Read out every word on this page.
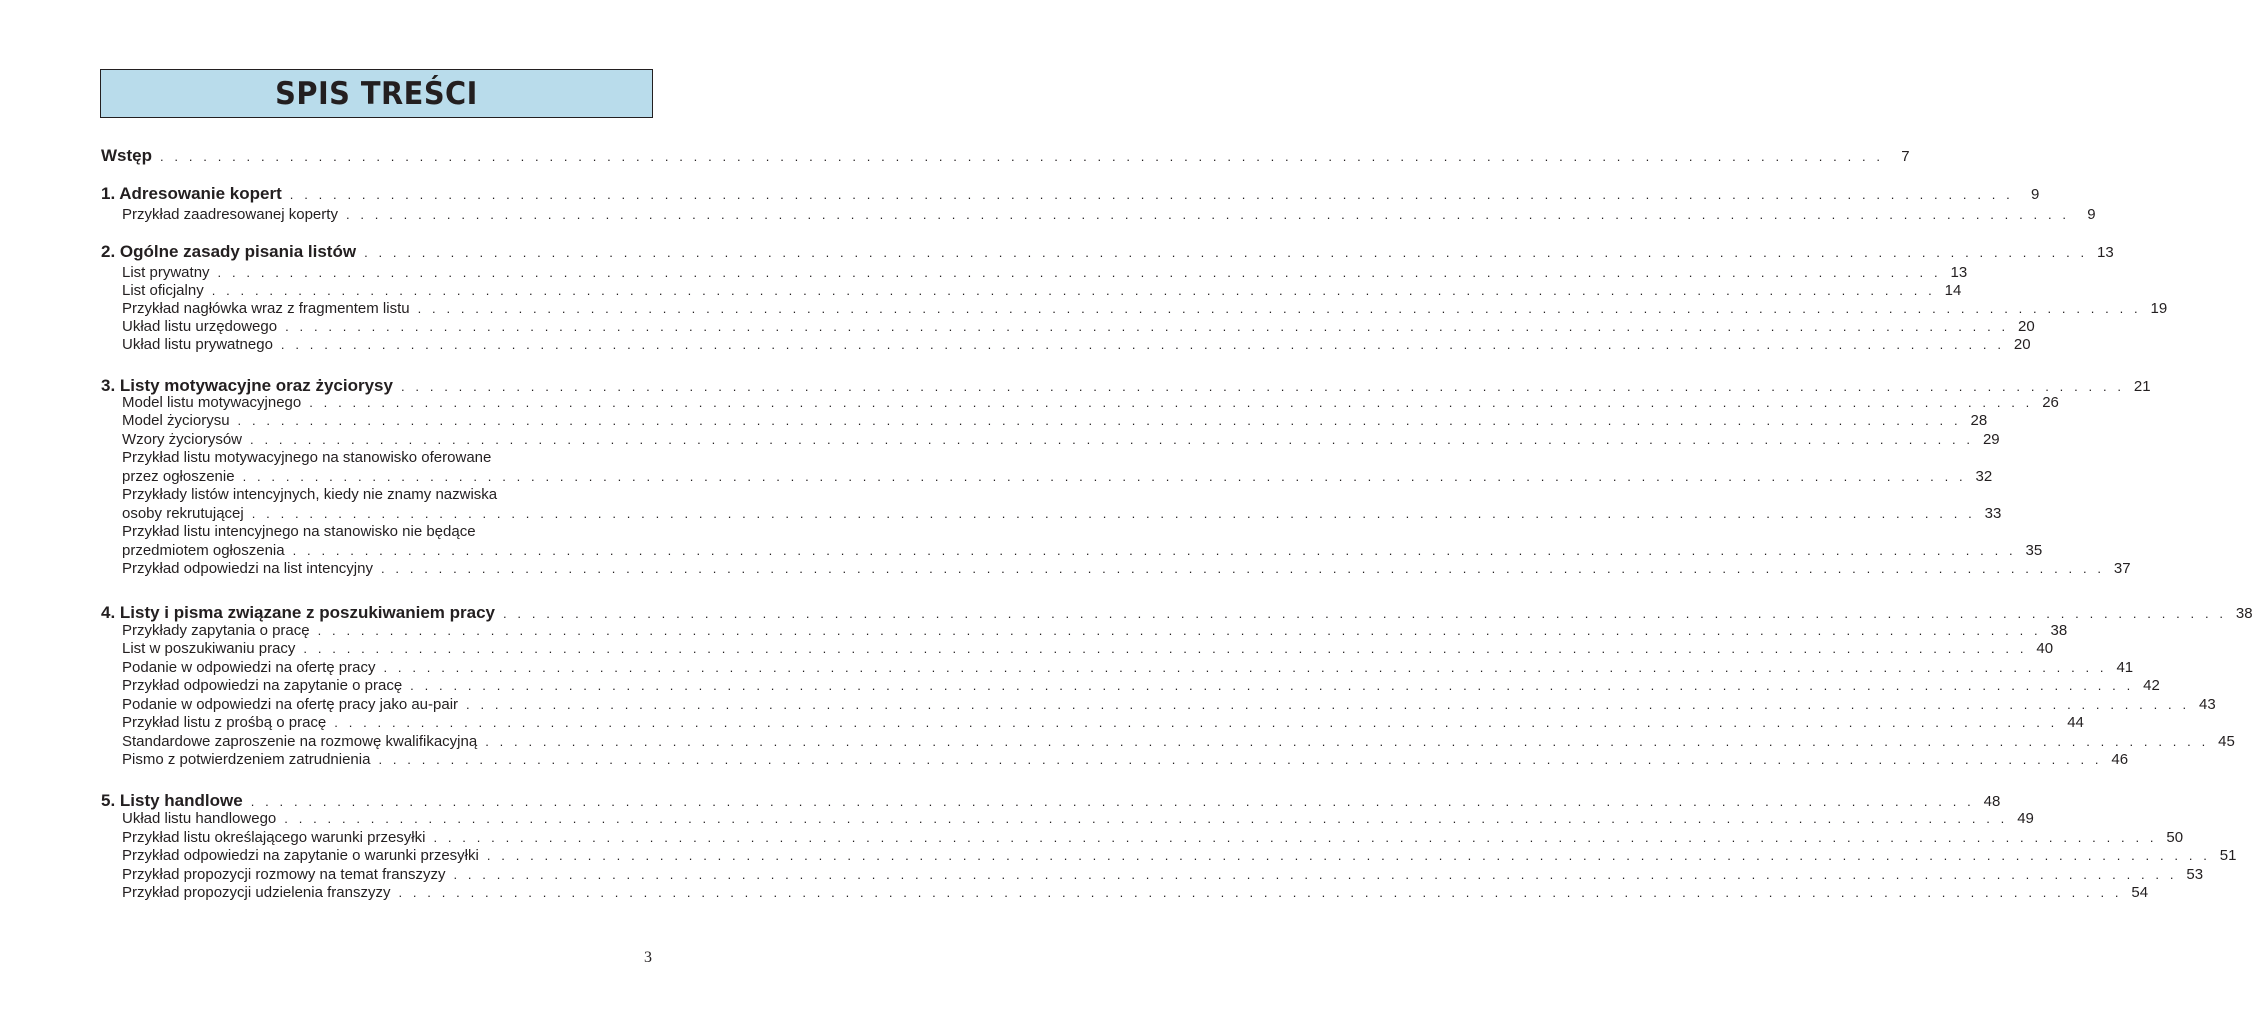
SPIS TREŚCI
Wstęp . . . . . . . . . . . . . . . . . . . . . . . . . . . . . . . . . . . . . . . . . . . . . . . . . . . . . . . . . . . . . . . . . . . . . . . . . . . . . . . . . . . . . . . . . . . . . . . . . . . . . . . . . . . . . . . . . . . . . . . .	7
1. Adresowanie kopert . . . . . . . . . . . . . . . . . . . . . . . . . . . . . . . . . . . . . . . . . . . . . . . . . . . . . . . . . . . . . . . . . . . . . . . . . . . . . . . . . . . . . . . . . . . . . . . . . . . . . . . . . . . . . . . . . . . . . . . .	9
Przykład zaadresowanej koperty . . . . . . . . . . . . . . . . . . . . . . . . . . . . . . . . . . . . . . . . . . . . . . . . . . . . . . . . . . . . . . . . . . . . . . . . . . . . . . . . . . . . . . . . . . . . . . . . . . . . . . . . . . . . . . . . . . . . . . . .	9
2. Ogólne zasady pisania listów . . . . . . . . . . . . . . . . . . . . . . . . . . . . . . . . . . . . . . . . . . . . . . . . . . . . . . . . . . . . . . . . . . . . . . . . . . . . . . . . . . . . . . . . . . . . . . . . . . . . . . . . . . . . . . . . . . . . . . . . 13
List prywatny . . . . . . . . . . . . . . . . . . . . . . . . . . . . . . . . . . . . . . . . . . . . . . . . . . . . . . . . . . . . . . . . . . . . . . . . . . . . . . . . . . . . . . . . . . . . . . . . . . . . . . . . . . . . . . . . . . . . . . . . 13
List oficjalny . . . . . . . . . . . . . . . . . . . . . . . . . . . . . . . . . . . . . . . . . . . . . . . . . . . . . . . . . . . . . . . . . . . . . . . . . . . . . . . . . . . . . . . . . . . . . . . . . . . . . . . . . . . . . . . . . . . . . . . . 14
Przykład nagłówka wraz z fragmentem listu . . . . . . . . . . . . . . . . . . . . . . . . . . . . . . . . . . . . . . . . . . . . . . . . . . . . . . . . . . . . . . . . . . . . . . . . . . . . . . . . . . . . . . . . . . . . . . . . . . . . . . . . . . . . . . . . . . . . . . . . 19
Układ listu urzędowego . . . . . . . . . . . . . . . . . . . . . . . . . . . . . . . . . . . . . . . . . . . . . . . . . . . . . . . . . . . . . . . . . . . . . . . . . . . . . . . . . . . . . . . . . . . . . . . . . . . . . . . . . . . . . . . . . . . . . . . . 20
Układ listu prywatnego . . . . . . . . . . . . . . . . . . . . . . . . . . . . . . . . . . . . . . . . . . . . . . . . . . . . . . . . . . . . . . . . . . . . . . . . . . . . . . . . . . . . . . . . . . . . . . . . . . . . . . . . . . . . . . . . . . . . . . . . 20
3. Listy motywacyjne oraz życiorysy . . . . . . . . . . . . . . . . . . . . . . . . . . . . . . . . . . . . . . . . . . . . . . . . . . . . . . . . . . . . . . . . . . . . . . . . . . . . . . . . . . . . . . . . . . . . . . . . . . . . . . . . . . . . . . . . . . . . . . . . 21
Model listu motywacyjnego . . . . . . . . . . . . . . . . . . . . . . . . . . . . . . . . . . . . . . . . . . . . . . . . . . . . . . . . . . . . . . . . . . . . . . . . . . . . . . . . . . . . . . . . . . . . . . . . . . . . . . . . . . . . . . . . . . . . . . . . 26
Model życiorysu . . . . . . . . . . . . . . . . . . . . . . . . . . . . . . . . . . . . . . . . . . . . . . . . . . . . . . . . . . . . . . . . . . . . . . . . . . . . . . . . . . . . . . . . . . . . . . . . . . . . . . . . . . . . . . . . . . . . . . . . 28
Wzory życiorysów . . . . . . . . . . . . . . . . . . . . . . . . . . . . . . . . . . . . . . . . . . . . . . . . . . . . . . . . . . . . . . . . . . . . . . . . . . . . . . . . . . . . . . . . . . . . . . . . . . . . . . . . . . . . . . . . . . . . . . . . 29
Przykład listu motywacyjnego na stanowisko oferowane
przez ogłoszenie . . . . . . . . . . . . . . . . . . . . . . . . . . . . . . . . . . . . . . . . . . . . . . . . . . . . . . . . . . . . . . . . . . . . . . . . . . . . . . . . . . . . . . . . . . . . . . . . . . . . . . . . . . . . . . . . . . . . . . . . 32
Przykłady listów intencyjnych, kiedy nie znamy nazwiska
osoby rekrutującej . . . . . . . . . . . . . . . . . . . . . . . . . . . . . . . . . . . . . . . . . . . . . . . . . . . . . . . . . . . . . . . . . . . . . . . . . . . . . . . . . . . . . . . . . . . . . . . . . . . . . . . . . . . . . . . . . . . . . . . . 33
Przykład listu intencyjnego na stanowisko nie będące
przedmiotem ogłoszenia . . . . . . . . . . . . . . . . . . . . . . . . . . . . . . . . . . . . . . . . . . . . . . . . . . . . . . . . . . . . . . . . . . . . . . . . . . . . . . . . . . . . . . . . . . . . . . . . . . . . . . . . . . . . . . . . . . . . . . . . 35
Przykład odpowiedzi na list intencyjny . . . . . . . . . . . . . . . . . . . . . . . . . . . . . . . . . . . . . . . . . . . . . . . . . . . . . . . . . . . . . . . . . . . . . . . . . . . . . . . . . . . . . . . . . . . . . . . . . . . . . . . . . . . . . . . . . . . . . . . . 37
4. Listy i pisma związane z poszukiwaniem pracy . . . . . . . . . . . . . . . . . . . . . . . . . . . . . . . . . . . . . . . . . . . . . . . . . . . . . . . . . . . . . . . . . . . . . . . . . . . . . . . . . . . . . . . . . . . . . . . . . . . . . . . . . . . . . . . . . . . . . . . . 38
Przykłady zapytania o pracę . . . . . . . . . . . . . . . . . . . . . . . . . . . . . . . . . . . . . . . . . . . . . . . . . . . . . . . . . . . . . . . . . . . . . . . . . . . . . . . . . . . . . . . . . . . . . . . . . . . . . . . . . . . . . . . . . . . . . . . . 38
List w poszukiwaniu pracy . . . . . . . . . . . . . . . . . . . . . . . . . . . . . . . . . . . . . . . . . . . . . . . . . . . . . . . . . . . . . . . . . . . . . . . . . . . . . . . . . . . . . . . . . . . . . . . . . . . . . . . . . . . . . . . . . . . . . . . . 40
Podanie w odpowiedzi na ofertę pracy . . . . . . . . . . . . . . . . . . . . . . . . . . . . . . . . . . . . . . . . . . . . . . . . . . . . . . . . . . . . . . . . . . . . . . . . . . . . . . . . . . . . . . . . . . . . . . . . . . . . . . . . . . . . . . . . . . . . . . . . 41
Przykład odpowiedzi na zapytanie o pracę . . . . . . . . . . . . . . . . . . . . . . . . . . . . . . . . . . . . . . . . . . . . . . . . . . . . . . . . . . . . . . . . . . . . . . . . . . . . . . . . . . . . . . . . . . . . . . . . . . . . . . . . . . . . . . . . . . . . . . . . 42
Podanie w odpowiedzi na ofertę pracy jako au-pair . . . . . . . . . . . . . . . . . . . . . . . . . . . . . . . . . . . . . . . . . . . . . . . . . . . . . . . . . . . . . . . . . . . . . . . . . . . . . . . . . . . . . . . . . . . . . . . . . . . . . . . . . . . . . . . . . . . . . . . . 43
Przykład listu z prośbą o pracę . . . . . . . . . . . . . . . . . . . . . . . . . . . . . . . . . . . . . . . . . . . . . . . . . . . . . . . . . . . . . . . . . . . . . . . . . . . . . . . . . . . . . . . . . . . . . . . . . . . . . . . . . . . . . . . . . . . . . . . . 44
Standardowe zaproszenie na rozmowę kwalifikacyjną . . . . . . . . . . . . . . . . . . . . . . . . . . . . . . . . . . . . . . . . . . . . . . . . . . . . . . . . . . . . . . . . . . . . . . . . . . . . . . . . . . . . . . . . . . . . . . . . . . . . . . . . . . . . . . . . . . . . . . . . 45
Pismo z potwierdzeniem zatrudnienia . . . . . . . . . . . . . . . . . . . . . . . . . . . . . . . . . . . . . . . . . . . . . . . . . . . . . . . . . . . . . . . . . . . . . . . . . . . . . . . . . . . . . . . . . . . . . . . . . . . . . . . . . . . . . . . . . . . . . . . . 46
5. Listy handlowe . . . . . . . . . . . . . . . . . . . . . . . . . . . . . . . . . . . . . . . . . . . . . . . . . . . . . . . . . . . . . . . . . . . . . . . . . . . . . . . . . . . . . . . . . . . . . . . . . . . . . . . . . . . . . . . . . . . . . . . . 48
Układ listu handlowego . . . . . . . . . . . . . . . . . . . . . . . . . . . . . . . . . . . . . . . . . . . . . . . . . . . . . . . . . . . . . . . . . . . . . . . . . . . . . . . . . . . . . . . . . . . . . . . . . . . . . . . . . . . . . . . . . . . . . . . . 49
Przykład listu określającego warunki przesyłki . . . . . . . . . . . . . . . . . . . . . . . . . . . . . . . . . . . . . . . . . . . . . . . . . . . . . . . . . . . . . . . . . . . . . . . . . . . . . . . . . . . . . . . . . . . . . . . . . . . . . . . . . . . . . . . . . . . . . . . . 50
Przykład odpowiedzi na zapytanie o warunki przesyłki . . . . . . . . . . . . . . . . . . . . . . . . . . . . . . . . . . . . . . . . . . . . . . . . . . . . . . . . . . . . . . . . . . . . . . . . . . . . . . . . . . . . . . . . . . . . . . . . . . . . . . . . . . . . . . . . . . . . . . . . 51
Przykład propozycji rozmowy na temat franszyzy . . . . . . . . . . . . . . . . . . . . . . . . . . . . . . . . . . . . . . . . . . . . . . . . . . . . . . . . . . . . . . . . . . . . . . . . . . . . . . . . . . . . . . . . . . . . . . . . . . . . . . . . . . . . . . . . . . . . . . . . 53
Przykład propozycji udzielenia franszyzy . . . . . . . . . . . . . . . . . . . . . . . . . . . . . . . . . . . . . . . . . . . . . . . . . . . . . . . . . . . . . . . . . . . . . . . . . . . . . . . . . . . . . . . . . . . . . . . . . . . . . . . . . . . . . . . . . . . . . . . . 54
3
